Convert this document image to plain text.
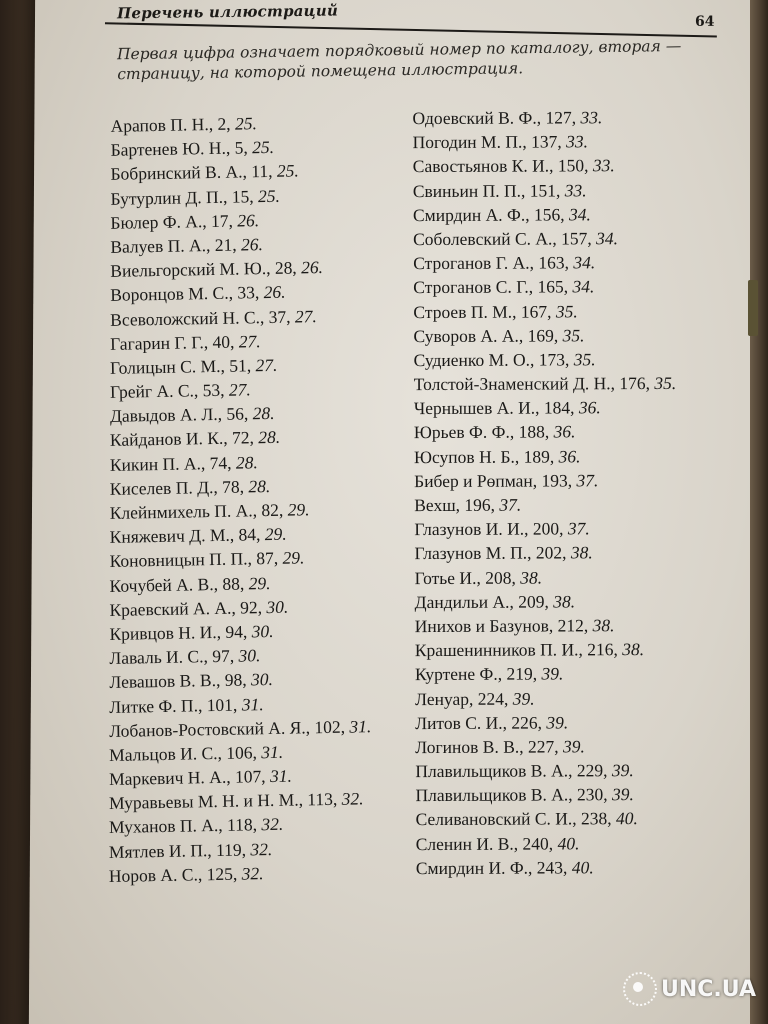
Перечень иллюстраций	64
Первая цифра означает порядковый номер по каталогу, вторая — страницу, на которой помещена иллюстрация.
Арапов П. Н., 2, 25.
Бартенев Ю. Н., 5, 25.
Бобринский В. А., 11, 25.
Бутурлин Д. П., 15, 25.
Бюлер Ф. А., 17, 26.
Валуев П. А., 21, 26.
Виельгорский М. Ю., 28, 26.
Воронцов М. С., 33, 26.
Всеволожский Н. С., 37, 27.
Гагарин Г. Г., 40, 27.
Голицын С. М., 51, 27.
Грейг А. С., 53, 27.
Давыдов А. Л., 56, 28.
Кайданов И. К., 72, 28.
Кикин П. А., 74, 28.
Киселев П. Д., 78, 28.
Клейнмихель П. А., 82, 29.
Княжевич Д. М., 84, 29.
Коновницын П. П., 87, 29.
Кочубей А. В., 88, 29.
Краевский А. А., 92, 30.
Кривцов Н. И., 94, 30.
Лаваль И. С., 97, 30.
Левашов В. В., 98, 30.
Литке Ф. П., 101, 31.
Лобанов-Ростовский А. Я., 102, 31.
Мальцов И. С., 106, 31.
Маркевич Н. А., 107, 31.
Муравьевы М. Н. и Н. М., 113, 32.
Муханов П. А., 118, 32.
Мятлев И. П., 119, 32.
Норов А. С., 125, 32.
Одоевский В. Ф., 127, 33.
Погодин М. П., 137, 33.
Савостьянов К. И., 150, 33.
Свиньин П. П., 151, 33.
Смирдин А. Ф., 156, 34.
Соболевский С. А., 157, 34.
Строганов Г. А., 163, 34.
Строганов С. Г., 165, 34.
Строев П. М., 167, 35.
Суворов А. А., 169, 35.
Судиенко М. О., 173, 35.
Толстой-Знаменский Д. Н., 176, 35.
Чернышев А. И., 184, 36.
Юрьев Ф. Ф., 188, 36.
Юсупов Н. Б., 189, 36.
Бибер и Рөпман, 193, 37.
Вехш, 196, 37.
Глазунов И. И., 200, 37.
Глазунов М. П., 202, 38.
Готье И., 208, 38.
Дандильи А., 209, 38.
Инихов и Базунов, 212, 38.
Крашенинников П. И., 216, 38.
Куртене Ф., 219, 39.
Ленуар, 224, 39.
Литов С. И., 226, 39.
Логинов В. В., 227, 39.
Плавильщиков В. А., 229, 39.
Плавильщиков В. А., 230, 39.
Селивановский С. И., 238, 40.
Сленин И. В., 240, 40.
Смирдин И. Ф., 243, 40.
UNC.UA
